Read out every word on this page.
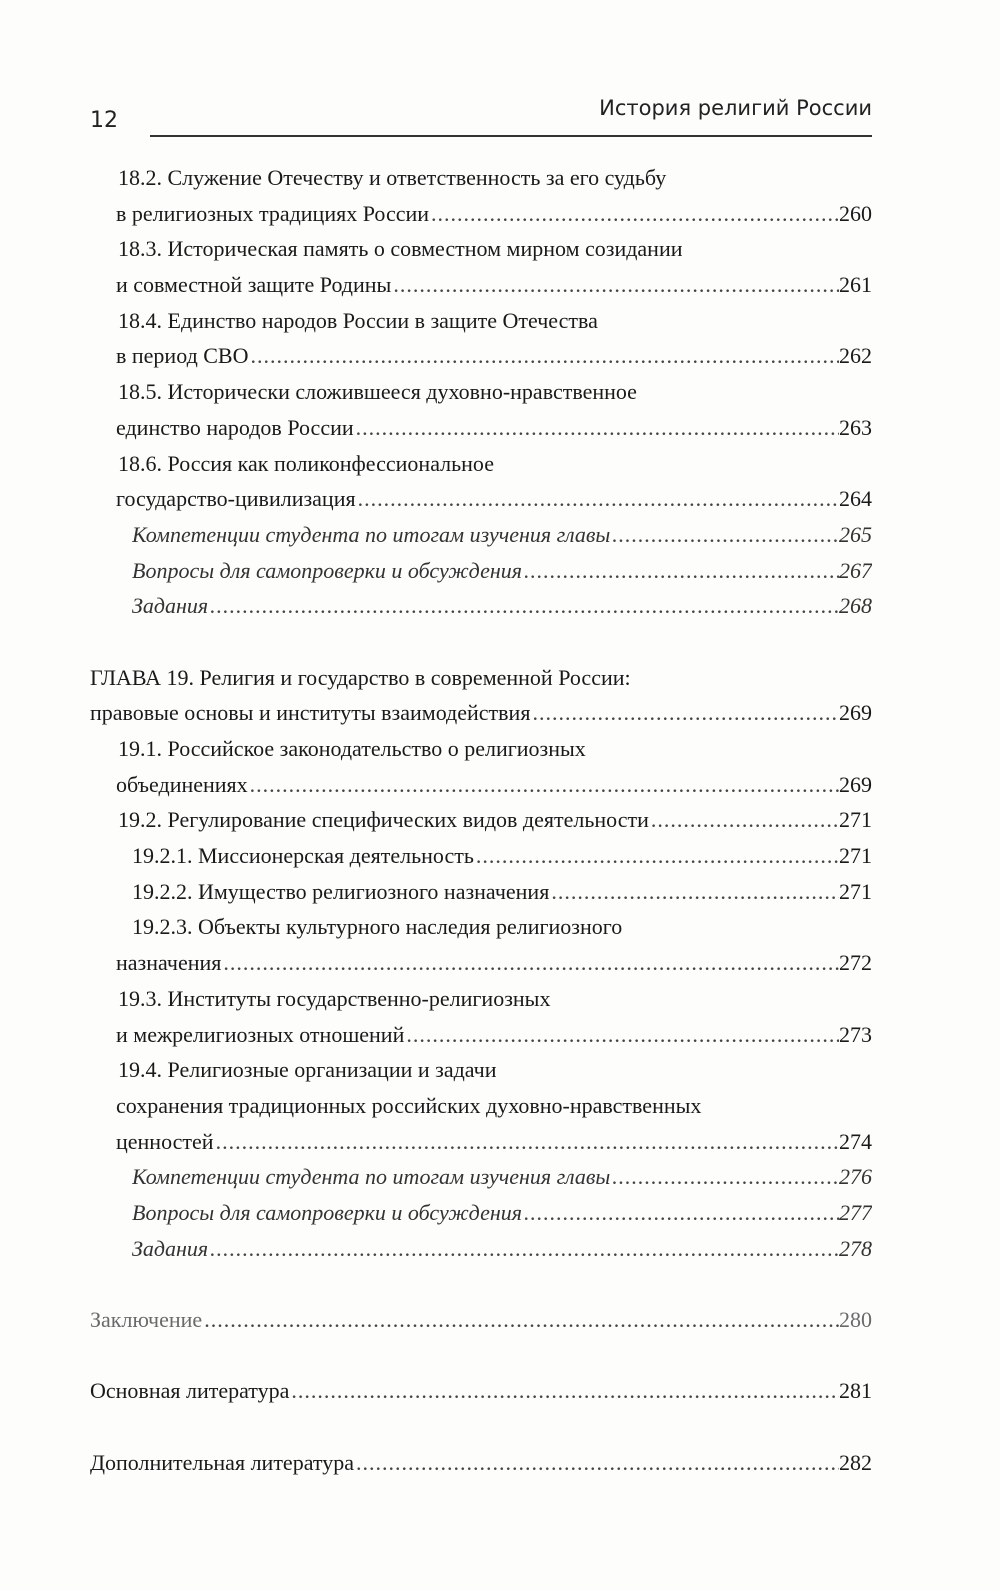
12	История религий России
18.2. Служение Отечеству и ответственность за его судьбу
в религиозных традициях России .....	260
18.3. Историческая память о совместном мирном созидании
и совместной защите Родины .....	261
18.4. Единство народов России в защите Отечества
в период СВО .....	262
18.5. Исторически сложившееся духовно-нравственное
единство народов России .....	263
18.6. Россия как поликонфессиональное
государство-цивилизация .....	264
Компетенции студента по итогам изучения главы .....	265
Вопросы для самопроверки и обсуждения .....	267
Задания .....	268
ГЛАВА 19. Религия и государство в современной России:
правовые основы и институты взаимодействия .....	269
19.1. Российское законодательство о религиозных
объединениях .....	269
19.2. Регулирование специфических видов деятельности .....	271
19.2.1. Миссионерская деятельность .....	271
19.2.2. Имущество религиозного назначения .....	271
19.2.3. Объекты культурного наследия религиозного
назначения .....	272
19.3. Институты государственно-религиозных
и межрелигиозных отношений .....	273
19.4. Религиозные организации и задачи
сохранения традиционных российских духовно-нравственных
ценностей .....	274
Компетенции студента по итогам изучения главы .....	276
Вопросы для самопроверки и обсуждения .....	277
Задания .....	278
Заключение .....	280
Основная литература .....	281
Дополнительная литература .....	282
